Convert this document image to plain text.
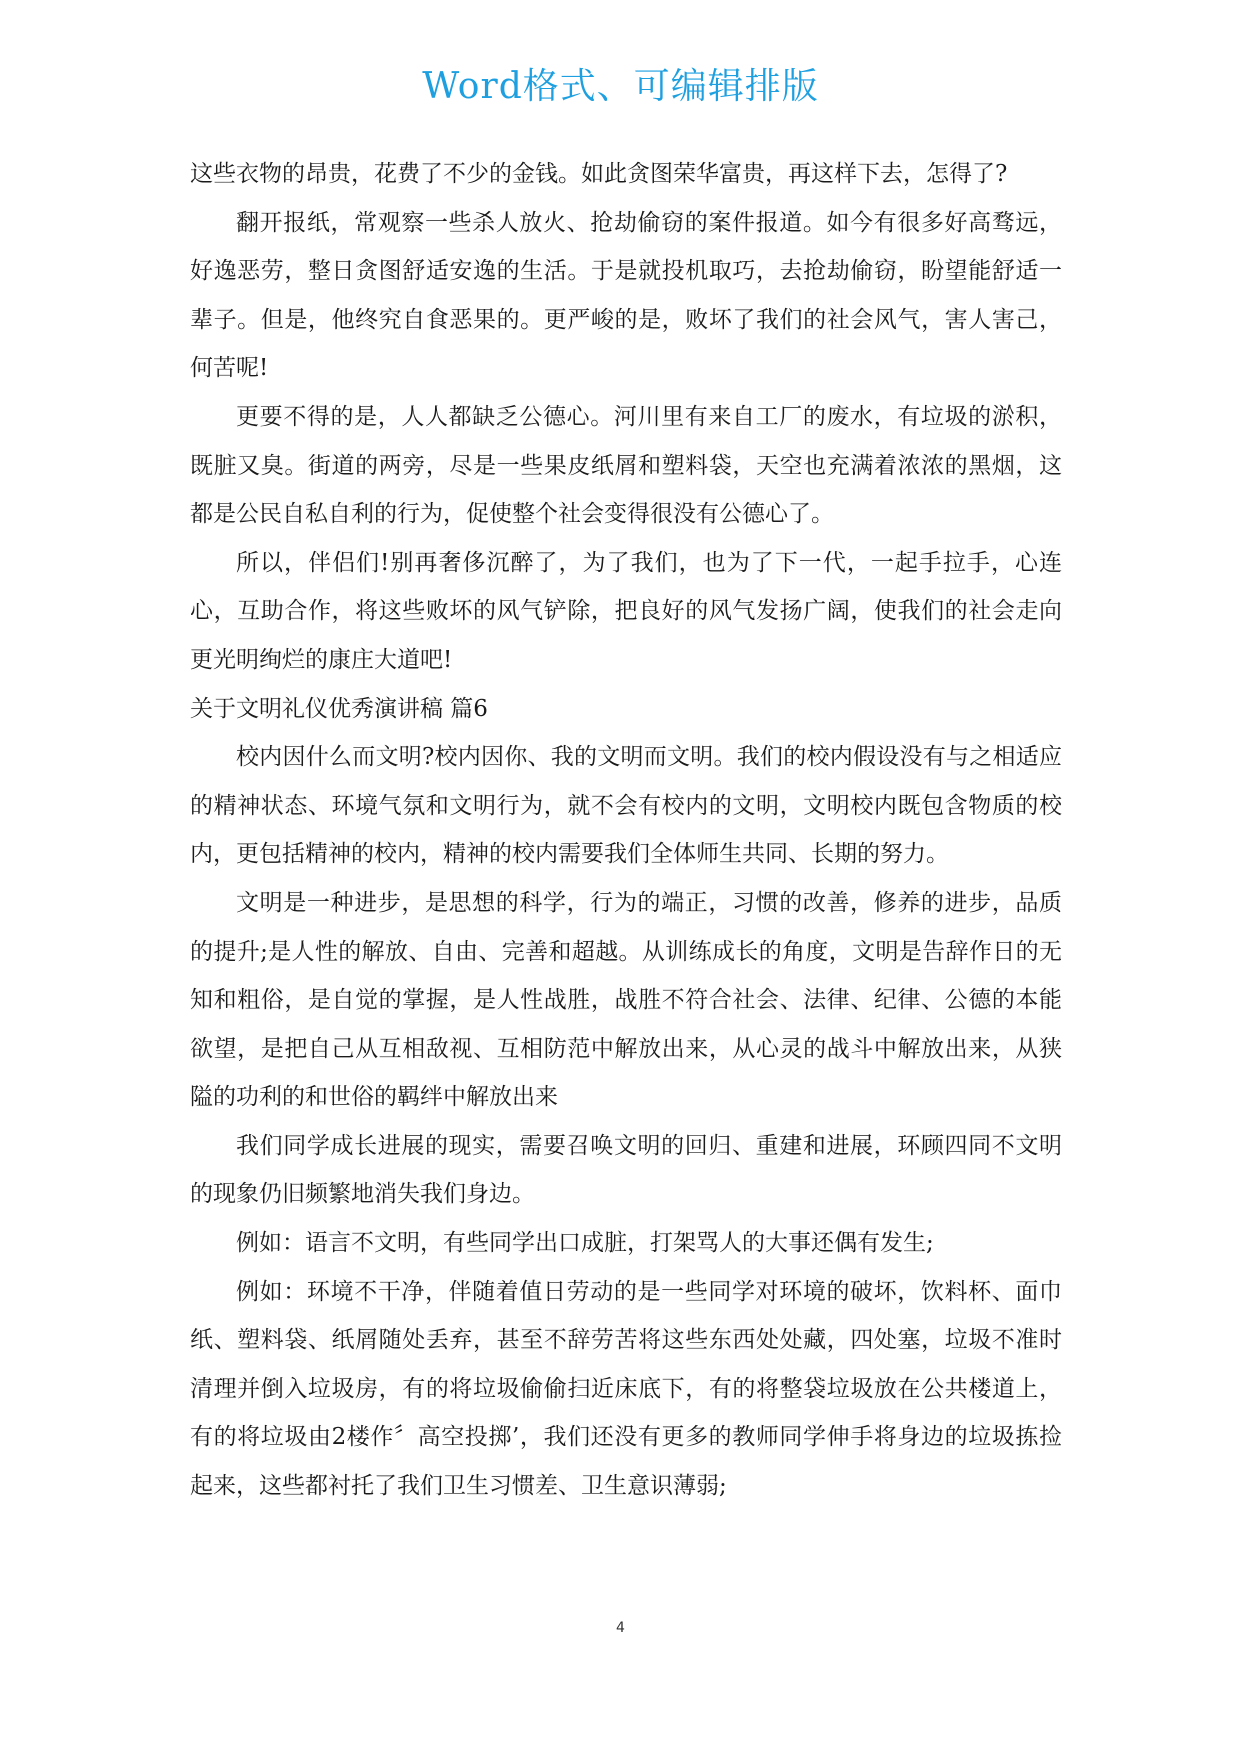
Word格式、可编辑排版

这些衣物的昂贵，花费了不少的金钱。如此贪图荣华富贵，再这样下去，怎得了?

翻开报纸，常观察一些杀人放火、抢劫偷窃的案件报道。如今有很多好高骛远，好逸恶劳，整日贪图舒适安逸的生活。于是就投机取巧，去抢劫偷窃，盼望能舒适一辈子。但是，他终究自食恶果的。更严峻的是，败坏了我们的社会风气，害人害己，何苦呢!

更要不得的是，人人都缺乏公德心。河川里有来自工厂的废水，有垃圾的淤积，既脏又臭。街道的两旁，尽是一些果皮纸屑和塑料袋，天空也充满着浓浓的黑烟，这都是公民自私自利的行为，促使整个社会变得很没有公德心了。

所以，伴侣们!别再奢侈沉醉了，为了我们，也为了下一代，一起手拉手，心连心，互助合作，将这些败坏的风气铲除，把良好的风气发扬广阔，使我们的社会走向更光明绚烂的康庄大道吧!

关于文明礼仪优秀演讲稿 篇6

校内因什么而文明?校内因你、我的文明而文明。我们的校内假设没有与之相适应的精神状态、环境气氛和文明行为，就不会有校内的文明，文明校内既包含物质的校内，更包括精神的校内，精神的校内需要我们全体师生共同、长期的努力。

文明是一种进步，是思想的科学，行为的端正，习惯的改善，修养的进步，品质的提升;是人性的解放、自由、完善和超越。从训练成长的角度，文明是告辞作日的无知和粗俗，是自觉的掌握，是人性战胜，战胜不符合社会、法律、纪律、公德的本能欲望，是把自己从互相敌视、互相防范中解放出来，从心灵的战斗中解放出来，从狭隘的功利的和世俗的羁绊中解放出来

我们同学成长进展的现实，需要召唤文明的回归、重建和进展，环顾四同不文明的现象仍旧频繁地消失我们身边。

例如：语言不文明，有些同学出口成脏，打架骂人的大事还偶有发生;

例如：环境不干净，伴随着值日劳动的是一些同学对环境的破坏，饮料杯、面巾纸、塑料袋、纸屑随处丢弃，甚至不辞劳苦将这些东西处处藏，四处塞，垃圾不准时清理并倒入垃圾房，有的将垃圾偷偷扫近床底下，有的将整袋垃圾放在公共楼道上，有的将垃圾由2楼作〞高空投掷’，我们还没有更多的教师同学伸手将身边的垃圾拣捡起来，这些都衬托了我们卫生习惯差、卫生意识薄弱;

4
